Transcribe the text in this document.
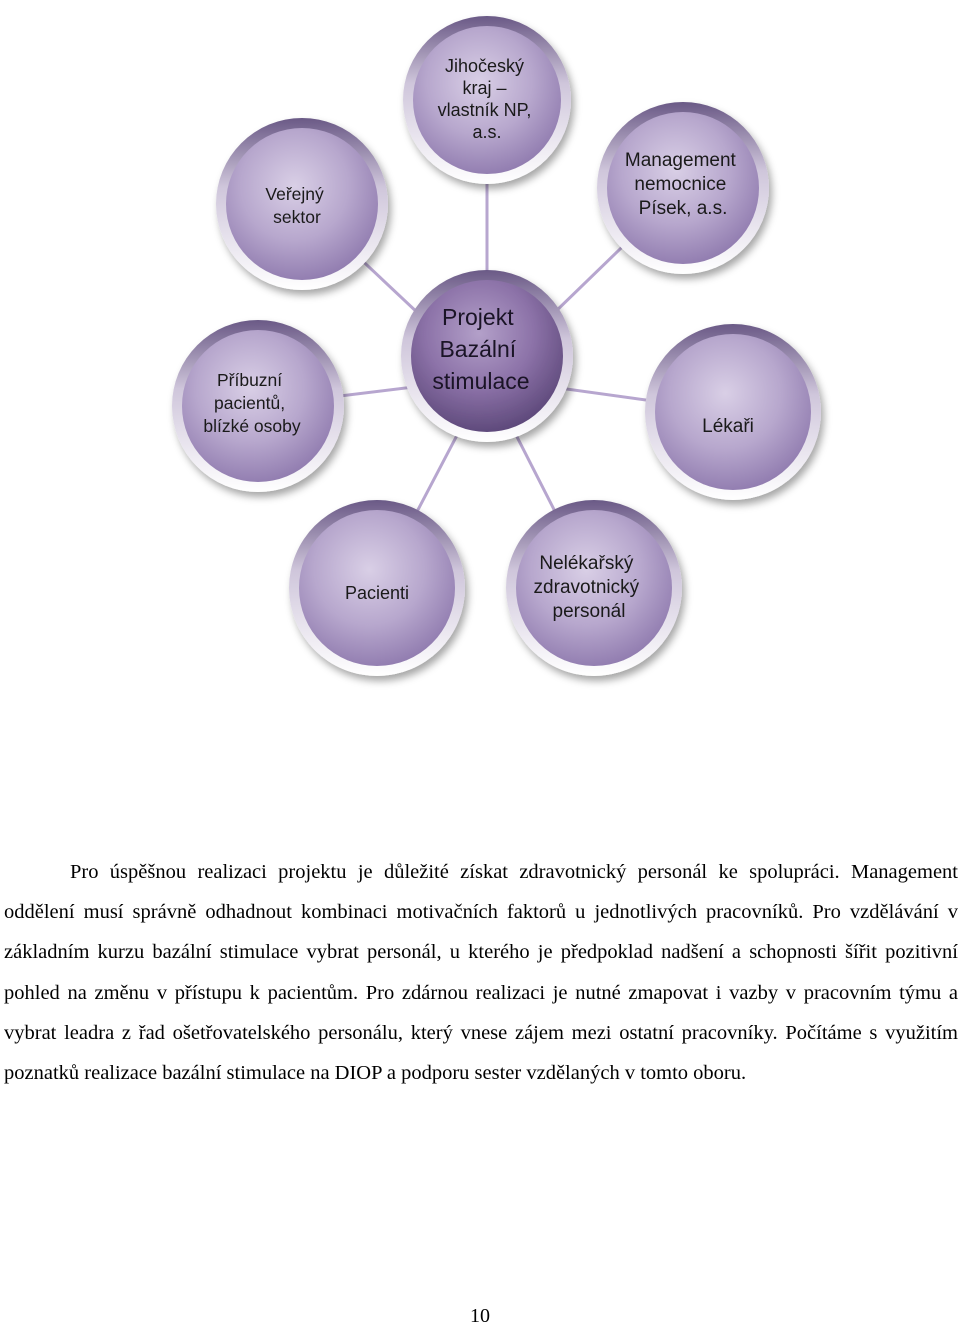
Jihočeský kraj – vlastník NP, a.s.
Management nemocnice Písek, a.s.
Lékaři
Nelékařský zdravotnický personál
Pacienti
Příbuzní pacientů, blízké osoby
Veřejný sektor
Projekt Bazální stimulace

Pro úspěšnou realizaci projektu je důležité získat zdravotnický personál ke spolupráci. Management oddělení musí správně odhadnout kombinaci motivačních faktorů u jednotlivých pracovníků. Pro vzdělávání v základním kurzu bazální stimulace vybrat personál, u kterého je předpoklad nadšení a schopnosti šířit pozitivní pohled na změnu v přístupu k pacientům. Pro zdárnou realizaci je nutné zmapovat i vazby v pracovním týmu a vybrat leadra z řad ošetřovatelského personálu, který vnese zájem mezi ostatní pracovníky. Počítáme s využitím poznatků realizace bazální stimulace na DIOP a podporu sester vzdělaných v tomto oboru.

10
